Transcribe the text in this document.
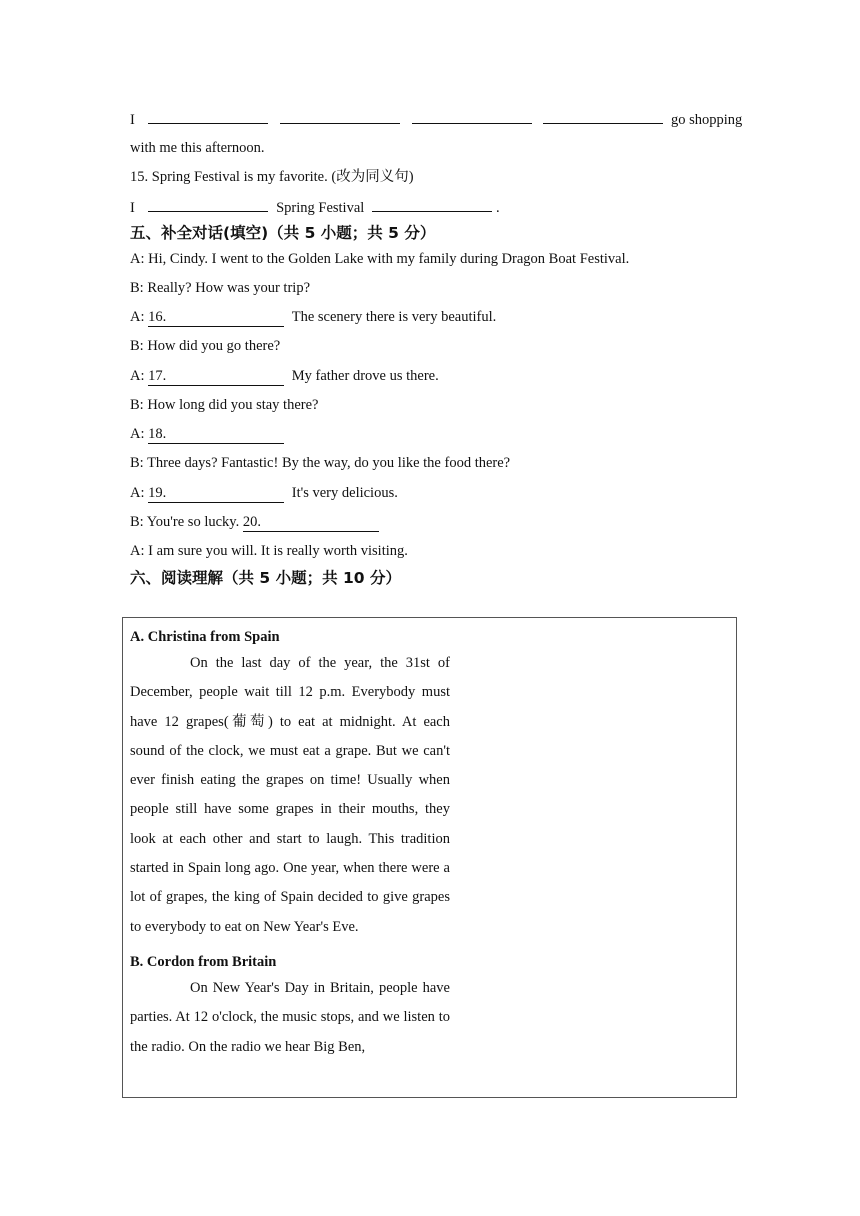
I	go shopping
with me this afternoon.
15. Spring Festival is my favorite. (改为同义句)
I	Spring Festival	.
五、补全对话(填空)（共 5 小题；共 5 分）
A: Hi, Cindy. I went to the Golden Lake with my family during Dragon Boat Festival.
B: Really? How was your trip?
A: 16.	The scenery there is very beautiful.
B: How did you go there?
A: 17.	My father drove us there.
B: How long did you stay there?
A: 18.
B: Three days? Fantastic! By the way, do you like the food there?
A: 19.	It's very delicious.
B: You're so lucky. 20.
A: I am sure you will. It is really worth visiting.
六、阅读理解（共 5 小题；共 10 分）
A. Christina from Spain
On the last day of the year, the 31st of December, people wait till 12 p.m. Everybody must have 12 grapes(葡萄) to eat at midnight. At each sound of the clock, we must eat a grape. But we can't ever finish eating the grapes on time! Usually when people still have some grapes in their mouths, they look at each other and start to laugh. This tradition started in Spain long ago. One year, when there were a lot of grapes, the king of Spain decided to give grapes to everybody to eat on New Year's Eve.
B. Cordon from Britain
On New Year's Day in Britain, people have parties. At 12 o'clock, the music stops, and we listen to the radio. On the radio we hear Big Ben,
